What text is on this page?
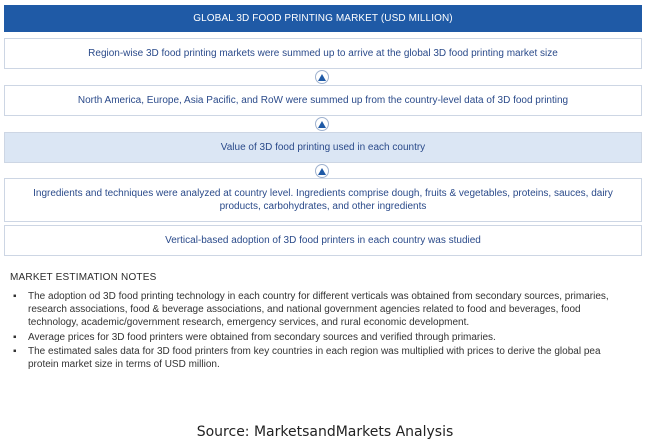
GLOBAL 3D FOOD PRINTING MARKET (USD MILLION)
Region-wise 3D food printing markets were summed up to arrive at the global 3D food printing market size
North America, Europe, Asia Pacific, and RoW were summed up from the country-level data of 3D food printing
Value of 3D food printing used in each country
Ingredients and techniques were analyzed at country level. Ingredients comprise dough, fruits & vegetables, proteins, sauces, dairy products, carbohydrates, and other ingredients
Vertical-based adoption of 3D food printers in each country was studied
MARKET ESTIMATION NOTES
▪ The adoption od 3D food printing technology in each country for different verticals was obtained from secondary sources, primaries, research associations, food & beverage associations, and national government agencies related to food and beverages, food technology, academic/government research, emergency services, and rural economic development.
▪ Average prices for 3D food printers were obtained from secondary sources and verified through primaries.
▪ The estimated sales data for 3D food printers from key countries in each region was multiplied with prices to derive the global pea protein market size in terms of USD million.
Source: MarketsandMarkets Analysis
